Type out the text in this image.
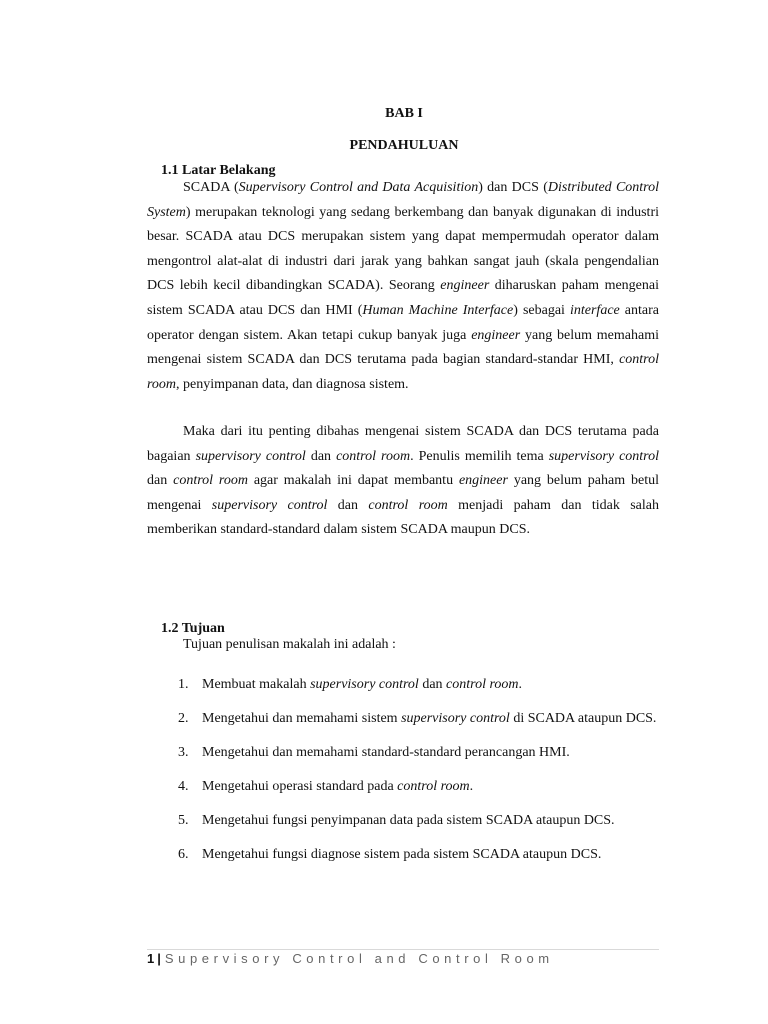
BAB I
PENDAHULUAN
1.1 Latar Belakang

SCADA (Supervisory Control and Data Acquisition) dan DCS (Distributed Control System) merupakan teknologi yang sedang berkembang dan banyak digunakan di industri besar. SCADA atau DCS merupakan sistem yang dapat mempermudah operator dalam mengontrol alat-alat di industri dari jarak yang bahkan sangat jauh (skala pengendalian DCS lebih kecil dibandingkan SCADA). Seorang engineer diharuskan paham mengenai sistem SCADA atau DCS dan HMI (Human Machine Interface) sebagai interface antara operator dengan sistem. Akan tetapi cukup banyak juga engineer yang belum memahami mengenai sistem SCADA dan DCS terutama pada bagian standard-standar HMI, control room, penyimpanan data, dan diagnosa sistem.

Maka dari itu penting dibahas mengenai sistem SCADA dan DCS terutama pada bagaian supervisory control dan control room. Penulis memilih tema supervisory control dan control room agar makalah ini dapat membantu engineer yang belum paham betul mengenai supervisory control dan control room menjadi paham dan tidak salah memberikan standard-standard dalam sistem SCADA maupun DCS.

1.2 Tujuan

Tujuan penulisan makalah ini adalah :

1. Membuat makalah supervisory control dan control room.
2. Mengetahui dan memahami sistem supervisory control di SCADA ataupun DCS.
3. Mengetahui dan memahami standard-standard perancangan HMI.
4. Mengetahui operasi standard pada control room.
5. Mengetahui fungsi penyimpanan data pada sistem SCADA ataupun DCS.
6. Mengetahui fungsi diagnose sistem pada sistem SCADA ataupun DCS.
1 | Supervisory Control and Control Room
